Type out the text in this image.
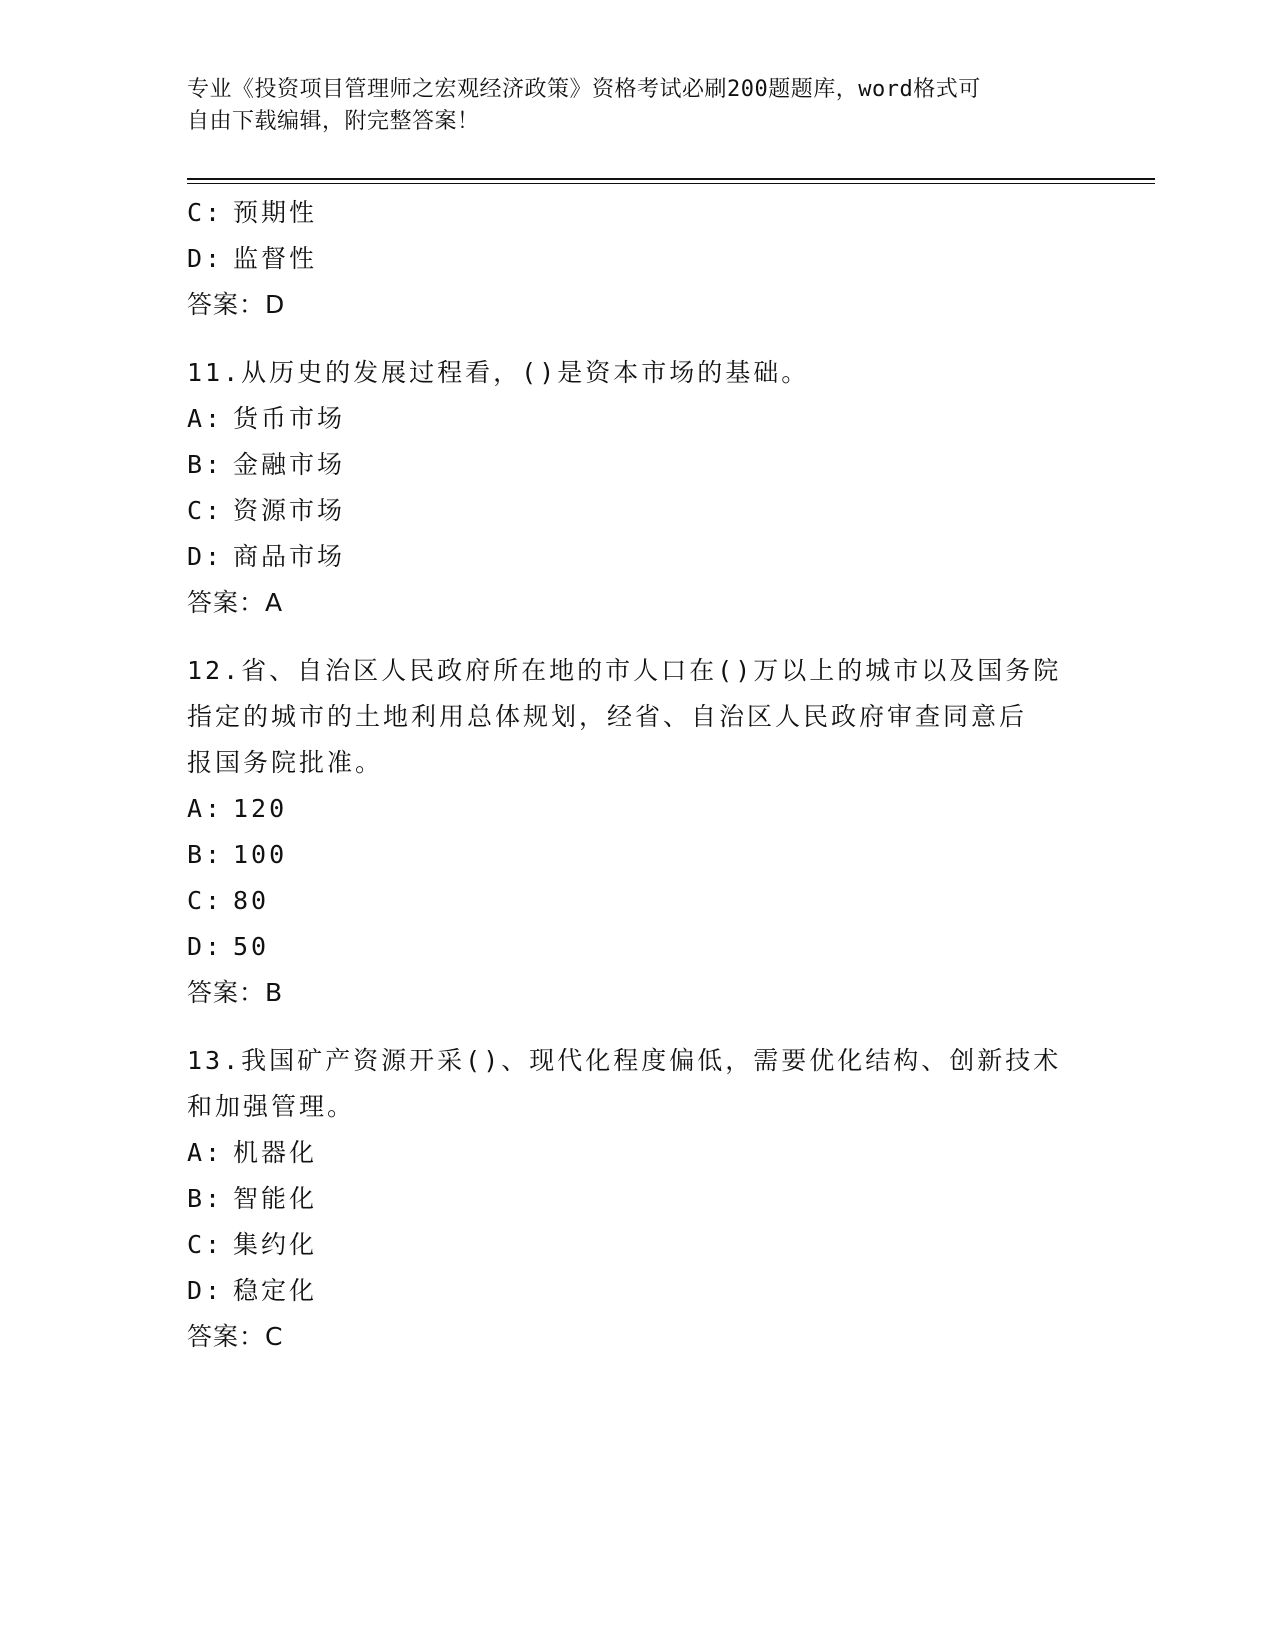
专业《投资项目管理师之宏观经济政策》资格考试必刷200题题库，word格式可
自由下载编辑，附完整答案！
C: 预期性
D: 监督性
答案：D
11.从历史的发展过程看，()是资本市场的基础。
A: 货币市场
B: 金融市场
C: 资源市场
D: 商品市场
答案：A
12.省、自治区人民政府所在地的市人口在()万以上的城市以及国务院
指定的城市的土地利用总体规划，经省、自治区人民政府审查同意后
报国务院批准。
A: 120
B: 100
C: 80
D: 50
答案：B
13.我国矿产资源开采()、现代化程度偏低，需要优化结构、创新技术
和加强管理。
A: 机器化
B: 智能化
C: 集约化
D: 稳定化
答案：C
